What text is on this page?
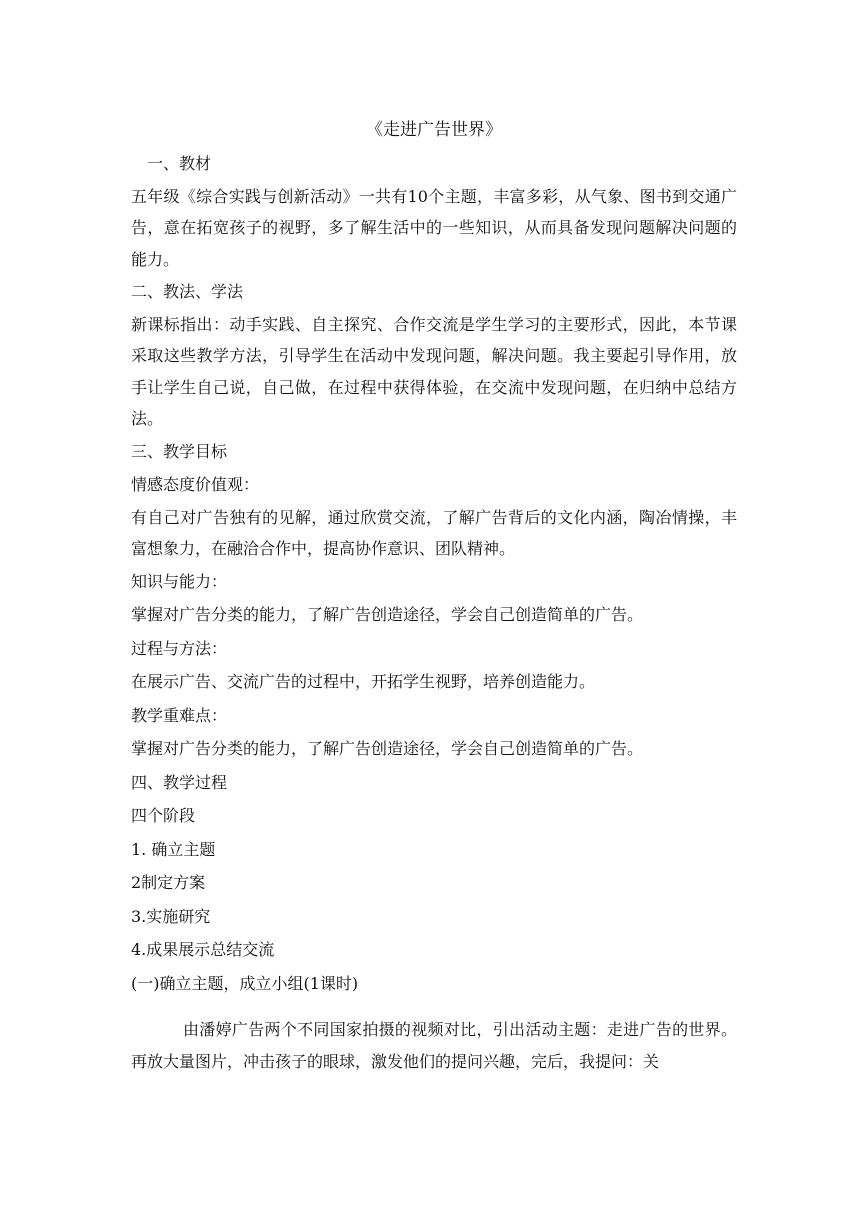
《走进广告世界》

一、教材

五年级《综合实践与创新活动》一共有10个主题，丰富多彩，从气象、图书到交通广告，意在拓宽孩子的视野，多了解生活中的一些知识，从而具备发现问题解决问题的能力。

二、教法、学法

新课标指出：动手实践、自主探究、合作交流是学生学习的主要形式，因此，本节课采取这些教学方法，引导学生在活动中发现问题，解决问题。我主要起引导作用，放手让学生自己说，自己做，在过程中获得体验，在交流中发现问题，在归纳中总结方法。

三、教学目标

情感态度价值观：

有自己对广告独有的见解，通过欣赏交流，了解广告背后的文化内涵，陶冶情操，丰富想象力，在融洽合作中，提高协作意识、团队精神。

知识与能力：

掌握对广告分类的能力，了解广告创造途径，学会自己创造简单的广告。

过程与方法：

在展示广告、交流广告的过程中，开拓学生视野，培养创造能力。

教学重难点：

掌握对广告分类的能力，了解广告创造途径，学会自己创造简单的广告。

四、教学过程

四个阶段

1. 确立主题

2制定方案

3.实施研究

4.成果展示总结交流

(一)确立主题，成立小组(1课时)

由潘婷广告两个不同国家拍摄的视频对比，引出活动主题：走进广告的世界。再放大量图片，冲击孩子的眼球，激发他们的提问兴趣，完后，我提问：关
